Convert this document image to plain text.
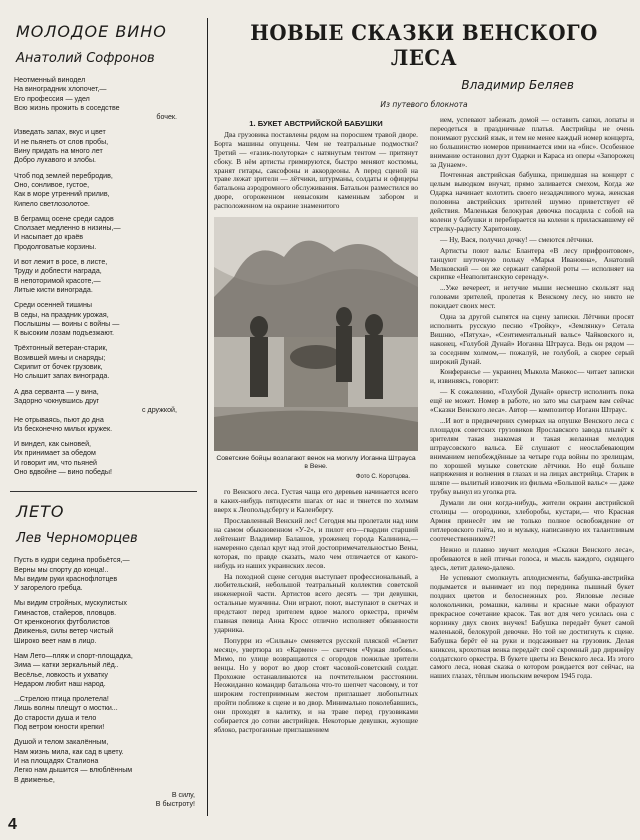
МОЛОДОЕ ВИНО
Анатолий Софронов
Неотменный винодел
На виноградник хлопочет,—
Его профессия — удел
Всю жизнь прожить в соседстве
бочек.
Изведать запах, вкус и цвет
И не пьянеть от слов пробы,
Вину придать на много лет
Добро лукавого и злобы.
Чтоб под землей перебродив,
Оно, сонливое, густое,
Как в море утренний прилив,
Кипело светлозолотое.
В беграмщ осене среди садов
Сползает медленно в низины,—
И насыпает до краёв
Продолговатые корзины.
И вот лежит в росе, в листе,
Труду и доблести награда,
В непоторимой красоте,—
Литые кисти винограда.
Среди осенней тишины
В седы, на праздник урожая,
Послышны — воины с войны —
К высоким лозам подъезжают.
Трёхтонный ветеран-старик,
Возившей мины и снаряды;
Скрипит от бочек грузовик,
Но слышит запах винограда.
А два серванта — у вина,
Задорно чокнувшись друг
с дружкой,
Не отрываясь, пьют до дна
Из бесконечно милых кружек.
И виндел, как сыновей,
Их принимает за обедом
И говорит им, что пьяней
Оно вдвойне — вино победы!
ЛЕТО
Лев Черноморцев
Пусть в кудри седина пробьётся,—
Верны мы спорту до конца!..
Мы видим руки краснофлотцев
У загорелого гребца.
Мы видим стройных, мускулистых
Гимнастов, стайеров, пловцов.
От кренконогих футболистов
Движенья, силы ветер чистый
Широко веет нам в лицо.
Нам Лето—пляж и спорт-площадка,
Зима — катки зеркальный лёд..
Весёлье, ловкость и ухватку
Недаром любит наш народ.
...Стрелою птица пролетела!
Лишь волны плещут о мостки...
До старости душа и тело
Под ветром юности крепки!
Душой и телом закалённым,
Нам жизнь мила, как сад в цвету.
И на площадях Сталиона
Легко нам дышится — влюблённым
В движенье,
В силу,
В быстроту!
НОВЫЕ СКАЗКИ ВЕНСКОГО ЛЕСА
Владимир Беляев
Из путевого блокнота
1. БУКЕТ АВСТРИЙСКОЙ БАБУШКИ

Два грузовика поставлены рядом на поросшем травой дворе. Борта машины опущены. Чем не театральные подмостки? Третий — «газик-полуторка» с натянутым тентом — притянут сбоку. В нём артисты гримируются, быстро меняют костюмы, хранят гитары, саксофоны и аккордеоны. А перед сценой на траве лежат зрители — лётчики, штурманы, солдаты и офицеры батальона аэродромного обслуживания. Батальон разместился во дворе, огороженном невысоким каменным забором и расположенном на окраине знаменитого

Советские бойцы возлагают венок на могилу Иоганна Штрауса в Вене.
Фото С. Коротцова.

го Венского леса. Густая чаща его деревьев начинается всего в каких-нибудь пятидесяти шагах от нас и тянется по холмам вверх к Леопольдсбергу и Каленбергу.

Прославленный Венский лес! Сегодня мы пролетали над ним на самом обыкновенном «У-2», и пилот его—гвардии старший лейтенант Владимир Балашов, уроженец города Калинина,— намеренно сделал крут над этой достопримечательностью Вены, которая, по правде сказать, мало чем отличается от какого-нибудь из наших украинских лесов.

На походной сцене сегодня выступает профессиональный, а любительский, небольшой театральный коллектив советской инженерной части. Артистов всего десять — три девушки, остальные мужчины. Они играют, поют, выступают в скетчах и предстают перед зрителем вдвое малого оркестра, причём главная певица Анна Кросс отлично исполняет обязанности ударника.

Попурри из «Сильвы» сменяется русской пляской «Светит месяц», увертюра из «Кармен» — скетчем «Чужая любовь». Мимо, по улице возвращаются с огородов пожилые зрители венцы. Но у ворот во двор стоят часовой-советский солдат. Прохожие останавливаются на почтительном расстоянии. Неожиданно командир батальона что-то шепчет часовому, и тот широким гостеприимным жестом приглашает любопытных пройти поближе к сцене и во двор. Минимально поколебавшись, они проходят в калитку, и на траве перед грузовиками собирается до сотни австрийцев. Некоторые девушки, жующие яблоко, растроганные приглашением

ием, успевают забежать домой — оставить сапки, лопаты и переодеться в праздничные платья. Австрийцы не очень понимают русский язык, и тем не менее каждый номер концерта, но большинство номеров принимается ими на «бис». Особенное внимание остановил дуэт Одарки и Караса из оперы «Запорожец за Дунаем».

Почтенная австрийская бабушка, пришедшая на концерт с целым выводком внучат, прямо заливается смехом, Когда же Одарка начинает колотить своего незадачливого мужа, женская половина австрийских зрителей шумно приветствует её действия. Маленькая белокурая девочка посадила с собой на колени у бабушки и перебирается на колени к приласкавшему её стрелку-радисту Харитонову.

— Ну, Вася, получил дочку! — смеются лётчики.

Артисты поют вальс Блантера «В лесу прифронтовом», танцуют шуточную польку «Марья Ивановна», Анатолий Мелковский — он же сержант сапёрной роты — исполняет на скрипке «Неаполитанскую серенаду».

...Уже вечереет, и нетучие мыши несмешно скользят над головами зрителей, пролетая к Венскому лесу, но никто не покидает своих мест.

Одна за другой сыпятся на сцену записки. Лётчики просят исполнить русскую песню «Тройку», «Землянку» Сетала Вишню, «Пятуха», «Сентиментальный вальс» Чайковского и, наконец, «Голубой Дунай» Иоганна Штрауса. Ведь он рядом — за соседним холмом,— пожалуй, не голубой, а скорее серый широкий Дунай.

Конферансье — украинец Мыкола Манжос— читает записки и, извиняясь, говорит:

— К сожалению, «Голубой Дунай» оркестр исполнить пока ещё не может. Номер в работе, но зато мы сыграем вам сейчас «Сказки Венского леса». Автор — композитор Иоганн Штраус.

...И вот в предвечерних сумерках на опушке Венского леса с площадок советских грузовиков Ярославского завода плывёт к зрителям такая знакомая и такая желанная мелодия штраусовского вальса. Её слушают с неослабевающим вниманием непобеждённые за четыре года войны по зрелищам, по хорошей музыке советские лётчики. Но ещё больше напряжения и волнения в глазах и на лицах австрийца. Старик в шляпе — вылитый извозчик из фильма «Большой вальс» — даже трубку вынул из уголка рта.

Думали ли они когда-нибудь, жители окраин австрийской столицы — огородники, хлеборобы, кустари,— что Красная Армия принесёт им не только полное освобождение от гитлеровского гнёта, но и музыку, написанную их талантливым соотечественником?!

Нежно и плавно звучит мелодия «Сказки Венского леса», пробиваются в ней птичьи голоса, и мысль каждого, сидящего здесь, летит далеко-далеко.

Не успевают смолкнуть аплодисменты, бабушка-австрийка подымается и вынимает из под передника пышный букет поздних цветов и белоснежных роз. Яиловые лесные колокольчики, ромашки, калины и красные маки образуют прекрасное сочетание красок. Так вот для чего усилась она с корзинку двух своих внучек! Бабушка передаёт букет самой маленькой, белокурой девочке. Но той не достигнуть к сцене. Бабушка берёт её на руки и подсаживает на грузовик. Делая книксен, крохотная венка передаёт своё скромный дар дирижёру солдатского оркестра. В букете цветы из Венского леса. Из этого самого леса, новая сказка о котором рождается вот сейчас, на наших глазах, тёплым июльским вечером 1945 года.

4
